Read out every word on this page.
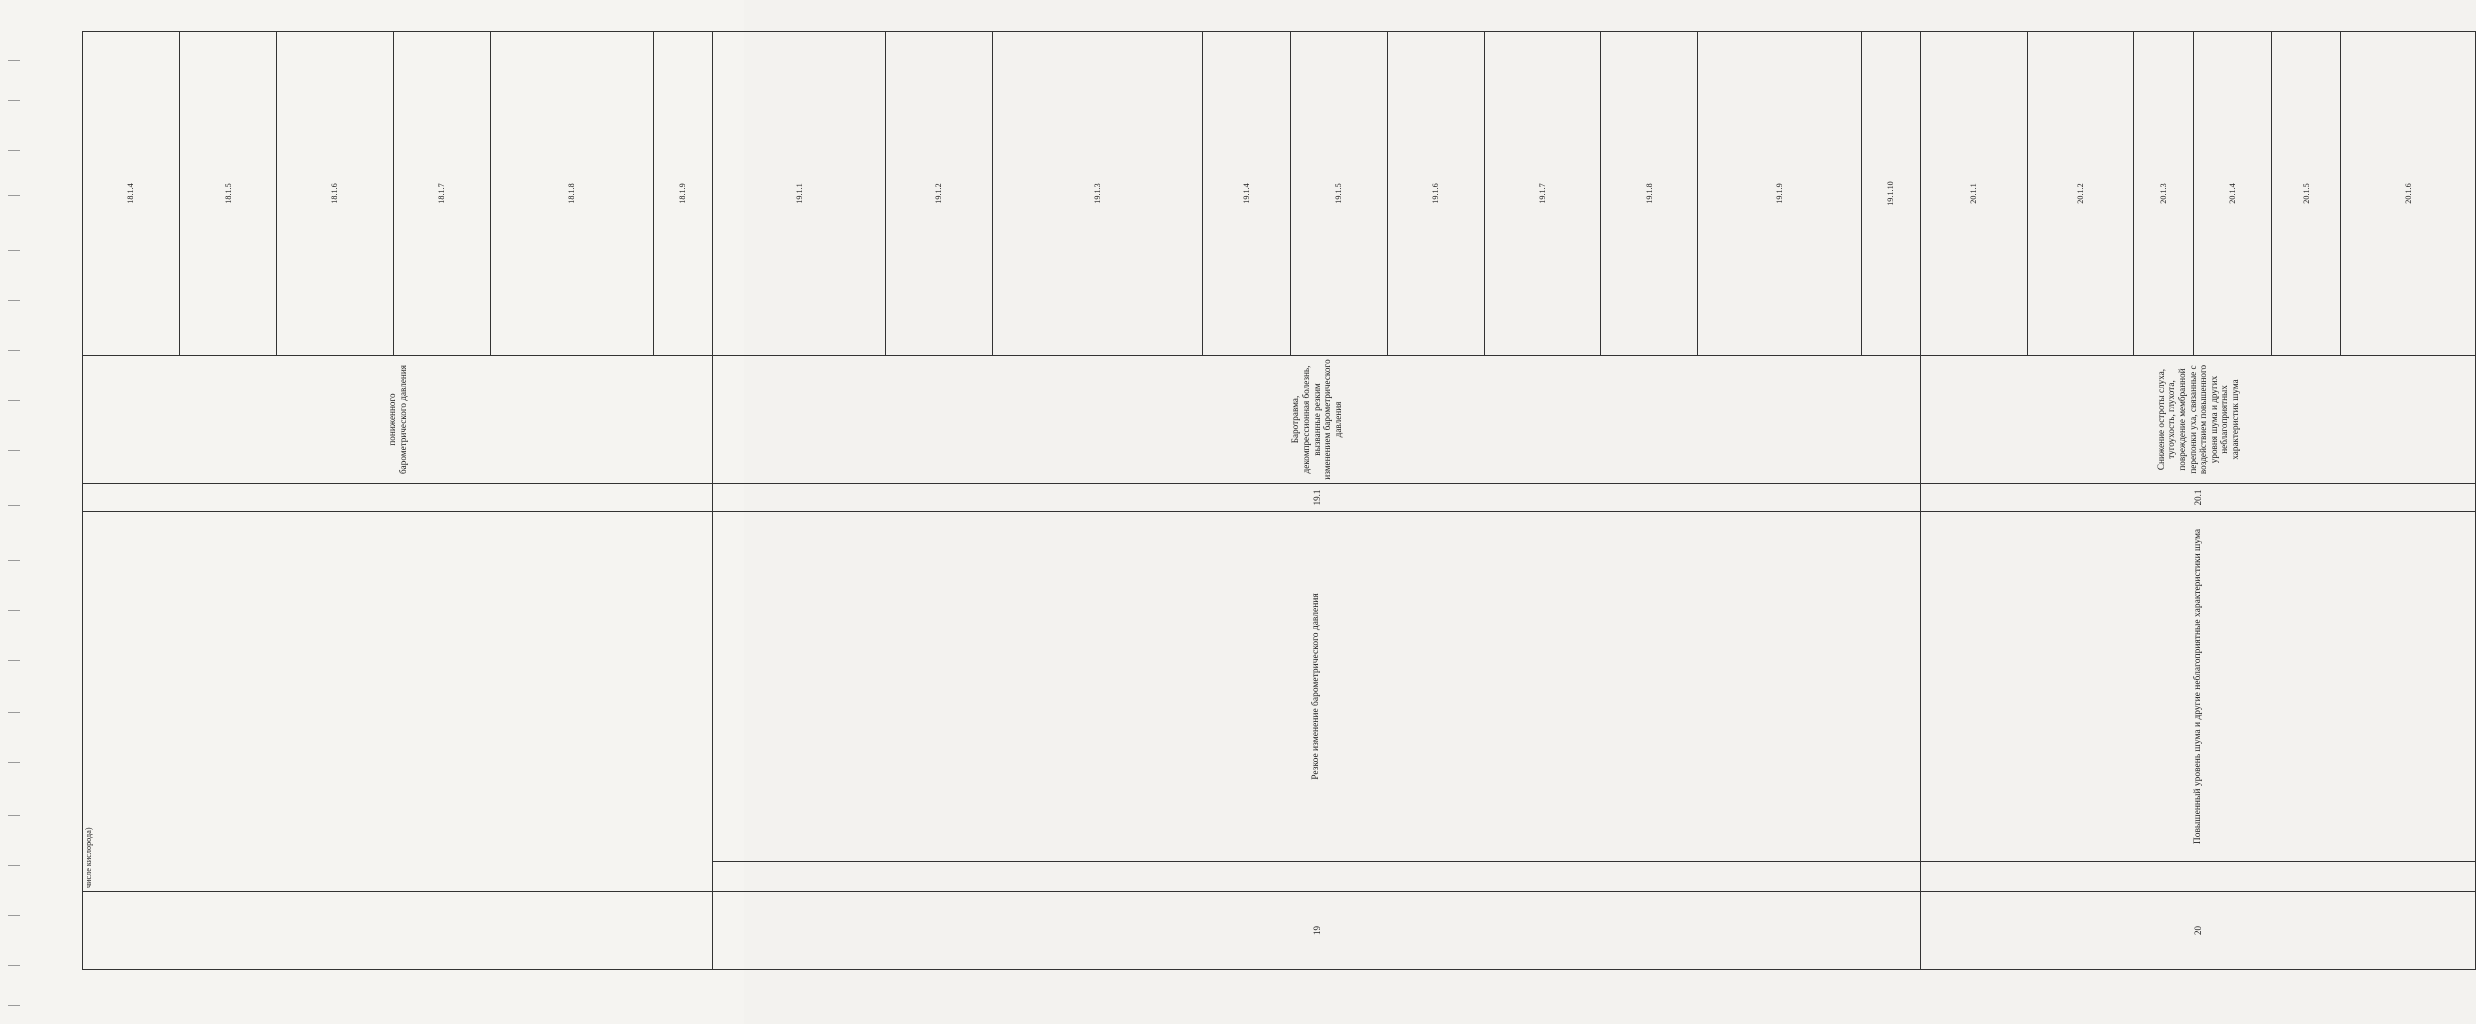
	числе кислорода)			пониженного барометрического давления	18.1.4	
					18.1.5	
					18.1.6	
					18.1.7	
					18.1.8	
					18.1.9	
19		Резкое изменение барометрического давления	19.1	Баротравма, декомпрессионная болезнь, вызванные резким изменением барометрического давления	19.1.1	
					19.1.2	
					19.1.3	
					19.1.4	
					19.1.5	
					19.1.6	
					19.1.7	
					19.1.8	
					19.1.9	
					19.1.10	
20		Повышенный уровень шума и другие неблагоприятные характеристики шума	20.1	Снижение остроты слуха, тугоухость, глухота, повреждение мембранной перепонки уха, связанные с воздействием повышенного уровня шума и других неблагоприятных характеристик шума	20.1.1	
					20.1.2	
					20.1.3	
					20.1.4	
					20.1.5	
					20.1.6	
